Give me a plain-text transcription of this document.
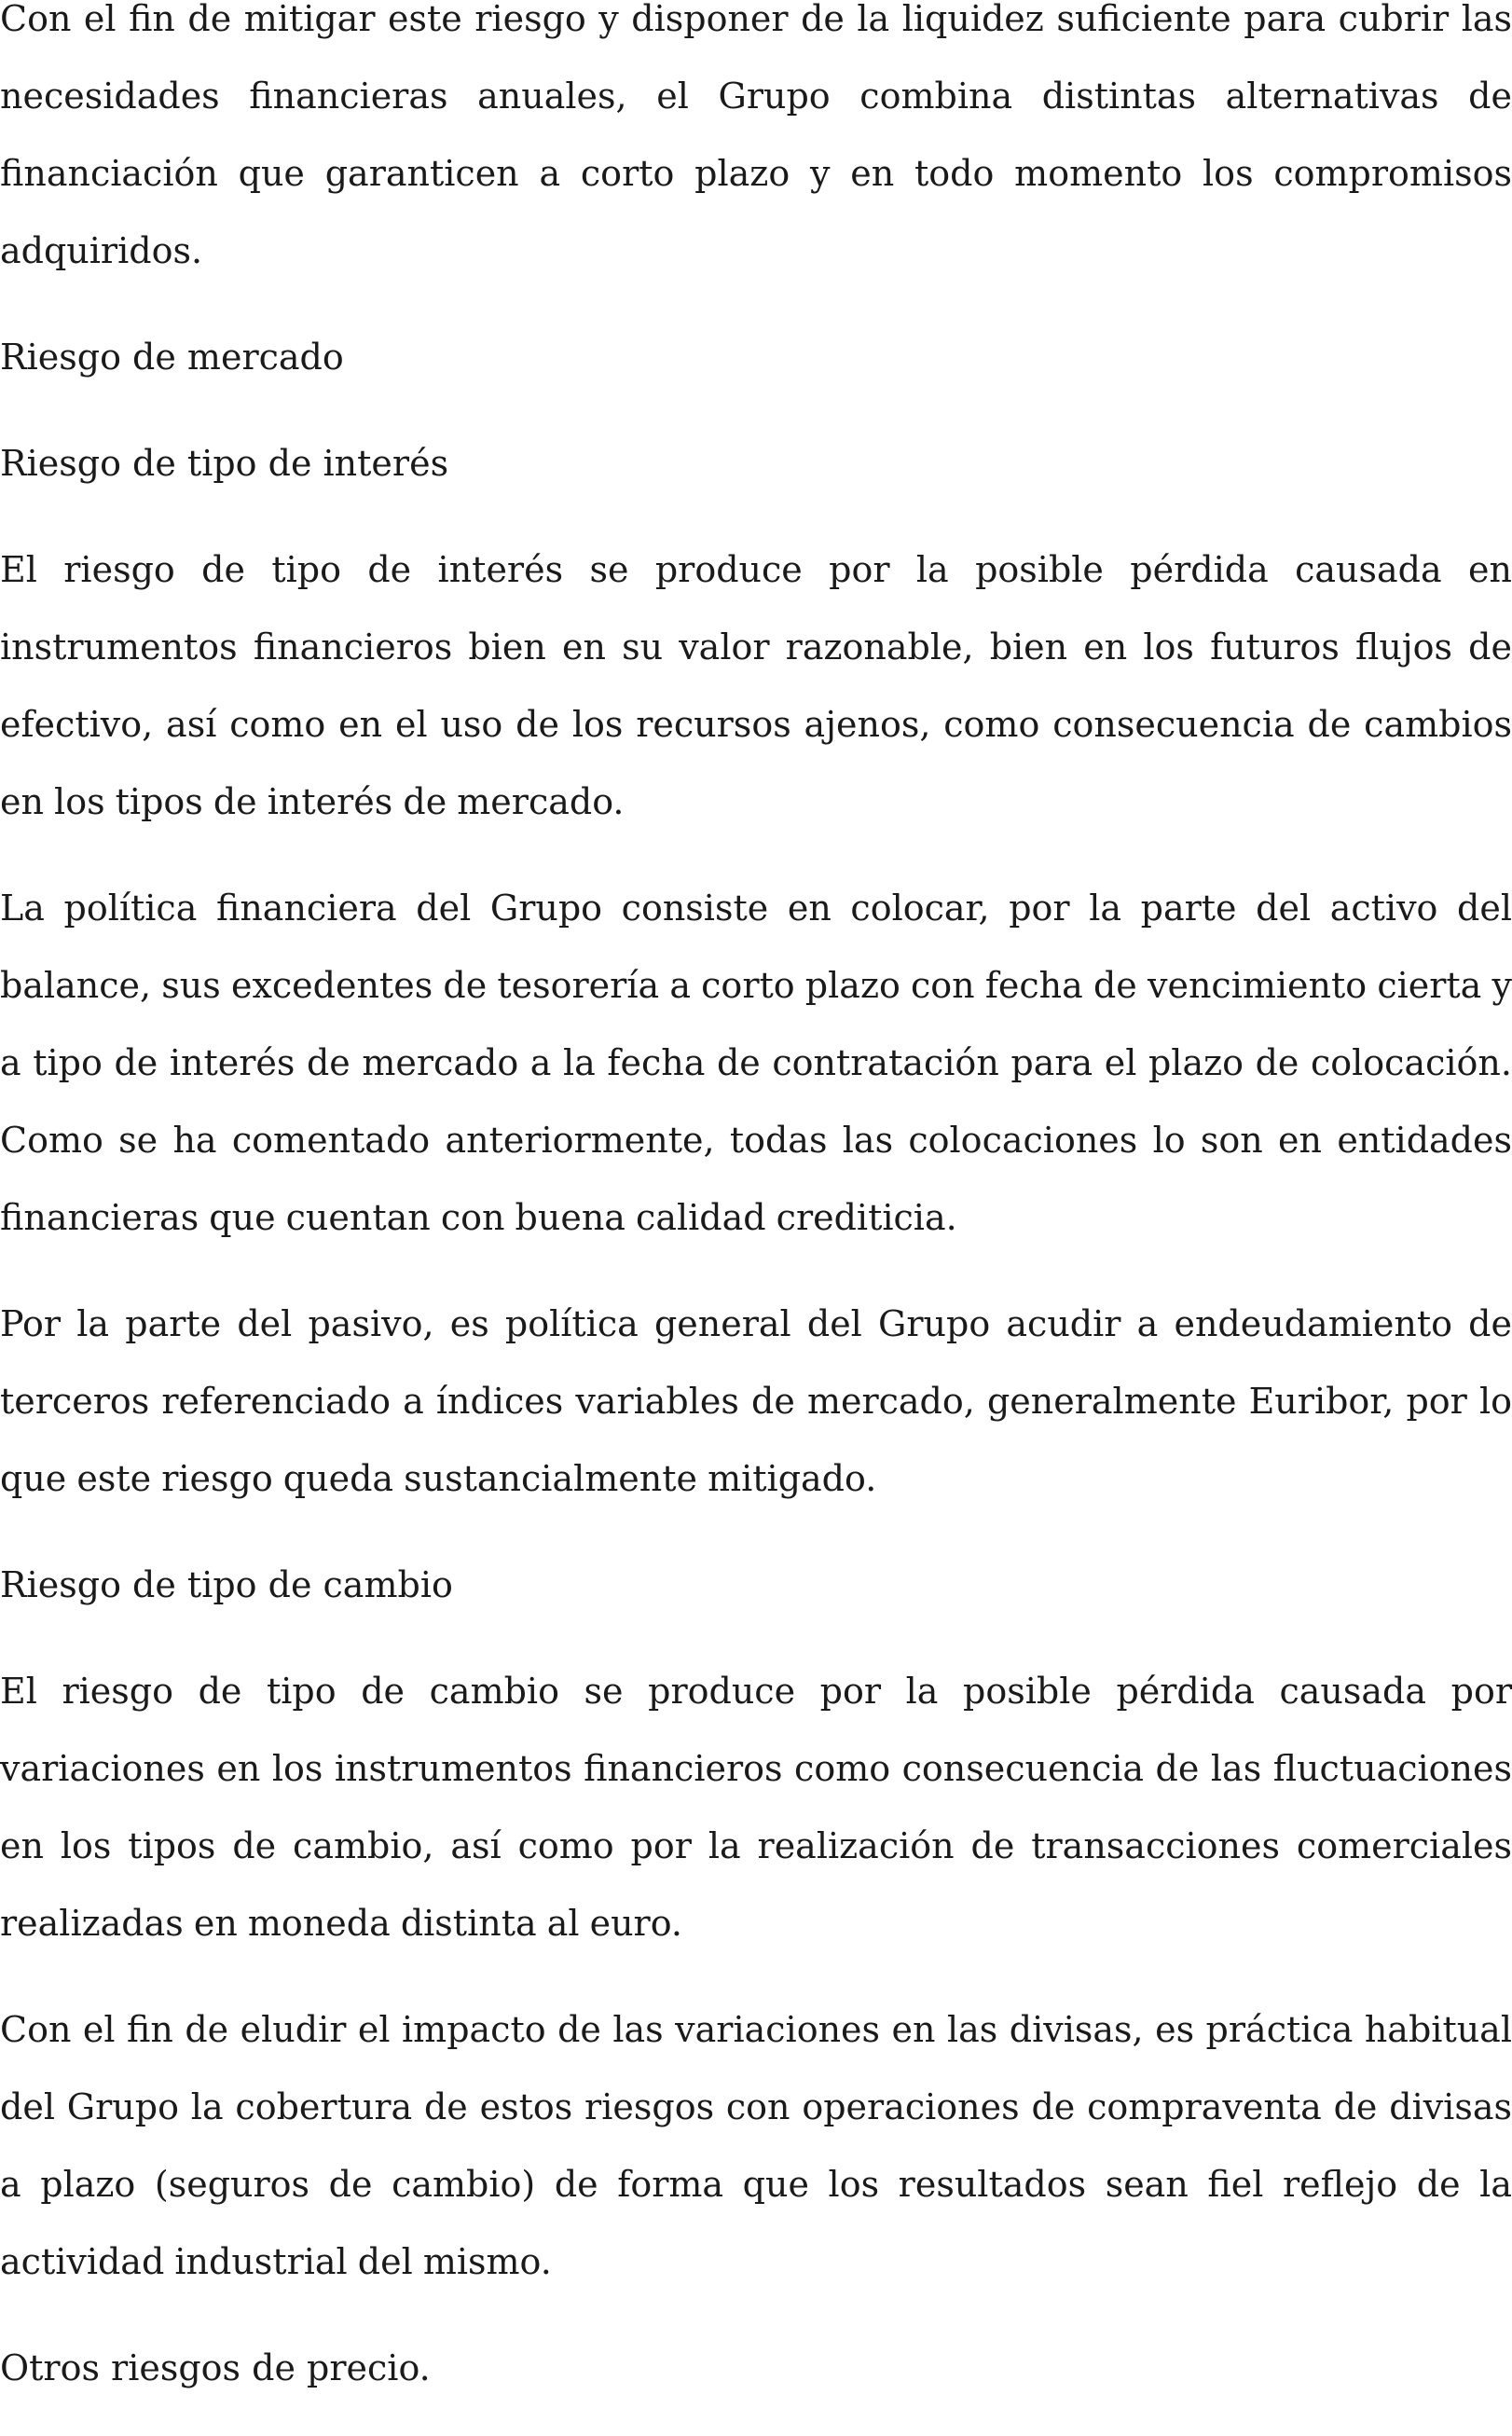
Con el fin de mitigar este riesgo y disponer de la liquidez suficiente para cubrir las necesidades financieras anuales, el Grupo combina distintas alternativas de financiación que garanticen a corto plazo y en todo momento los compromisos adquiridos.

Riesgo de mercado

Riesgo de tipo de interés

El riesgo de tipo de interés se produce por la posible pérdida causada en instrumentos financieros bien en su valor razonable, bien en los futuros flujos de efectivo, así como en el uso de los recursos ajenos, como consecuencia de cambios en los tipos de interés de mercado.

La política financiera del Grupo consiste en colocar, por la parte del activo del balance, sus excedentes de tesorería a corto plazo con fecha de vencimiento cierta y a tipo de interés de mercado a la fecha de contratación para el plazo de colocación. Como se ha comentado anteriormente, todas las colocaciones lo son en entidades financieras que cuentan con buena calidad crediticia.

Por la parte del pasivo, es política general del Grupo acudir a endeudamiento de terceros referenciado a índices variables de mercado, generalmente Euribor, por lo que este riesgo queda sustancialmente mitigado.

Riesgo de tipo de cambio

El riesgo de tipo de cambio se produce por la posible pérdida causada por variaciones en los instrumentos financieros como consecuencia de las fluctuaciones en los tipos de cambio, así como por la realización de transacciones comerciales realizadas en moneda distinta al euro.

Con el fin de eludir el impacto de las variaciones en las divisas, es práctica habitual del Grupo la cobertura de estos riesgos con operaciones de compraventa de divisas a plazo (seguros de cambio) de forma que los resultados sean fiel reflejo de la actividad industrial del mismo.

Otros riesgos de precio.
